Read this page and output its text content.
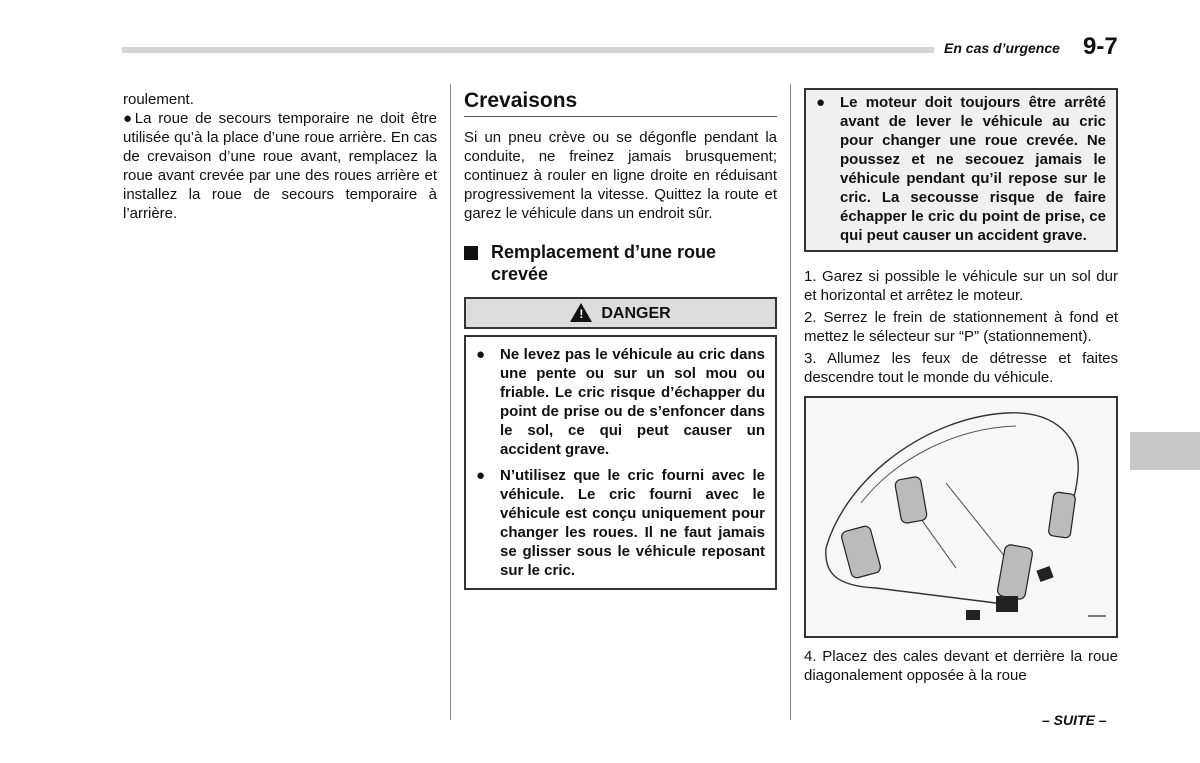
En cas d’urgence 9-7

roulement.

●La roue de secours temporaire ne doit être utilisée qu’à la place d’une roue arrière. En cas de crevaison d’une roue avant, remplacez la roue avant crevée par une des roues arrière et installez la roue de secours temporaire à l’arrière.

Crevaisons

Si un pneu crève ou se dégonfle pendant la conduite, ne freinez jamais brusquement; continuez à rouler en ligne droite en réduisant progressivement la vitesse. Quittez la route et garez le véhicule dans un endroit sûr.

Remplacement d’une roue crevée
! DANGER
● Ne levez pas le véhicule au cric dans une pente ou sur un sol mou ou friable. Le cric risque d’échapper du point de prise ou de s’enfoncer dans le sol, ce qui peut causer un accident grave.
● N’utilisez que le cric fourni avec le véhicule. Le cric fourni avec le véhicule est conçu uniquement pour changer les roues. Il ne faut jamais se glisser sous le véhicule reposant sur le cric.
● Le moteur doit toujours être arrêté avant de lever le véhicule au cric pour changer une roue crevée. Ne poussez et ne secouez jamais le véhicule pendant qu’il repose sur le cric. La secousse risque de faire échapper le cric du point de prise, ce qui peut causer un accident grave.

1. Garez si possible le véhicule sur un sol dur et horizontal et arrêtez le moteur.

2. Serrez le frein de stationnement à fond et mettez le sélecteur sur “P” (stationnement).

3. Allumez les feux de détresse et faites descendre tout le monde du véhicule.

4. Placez des cales devant et derrière la roue diagonalement opposée à la roue

– SUITE –
